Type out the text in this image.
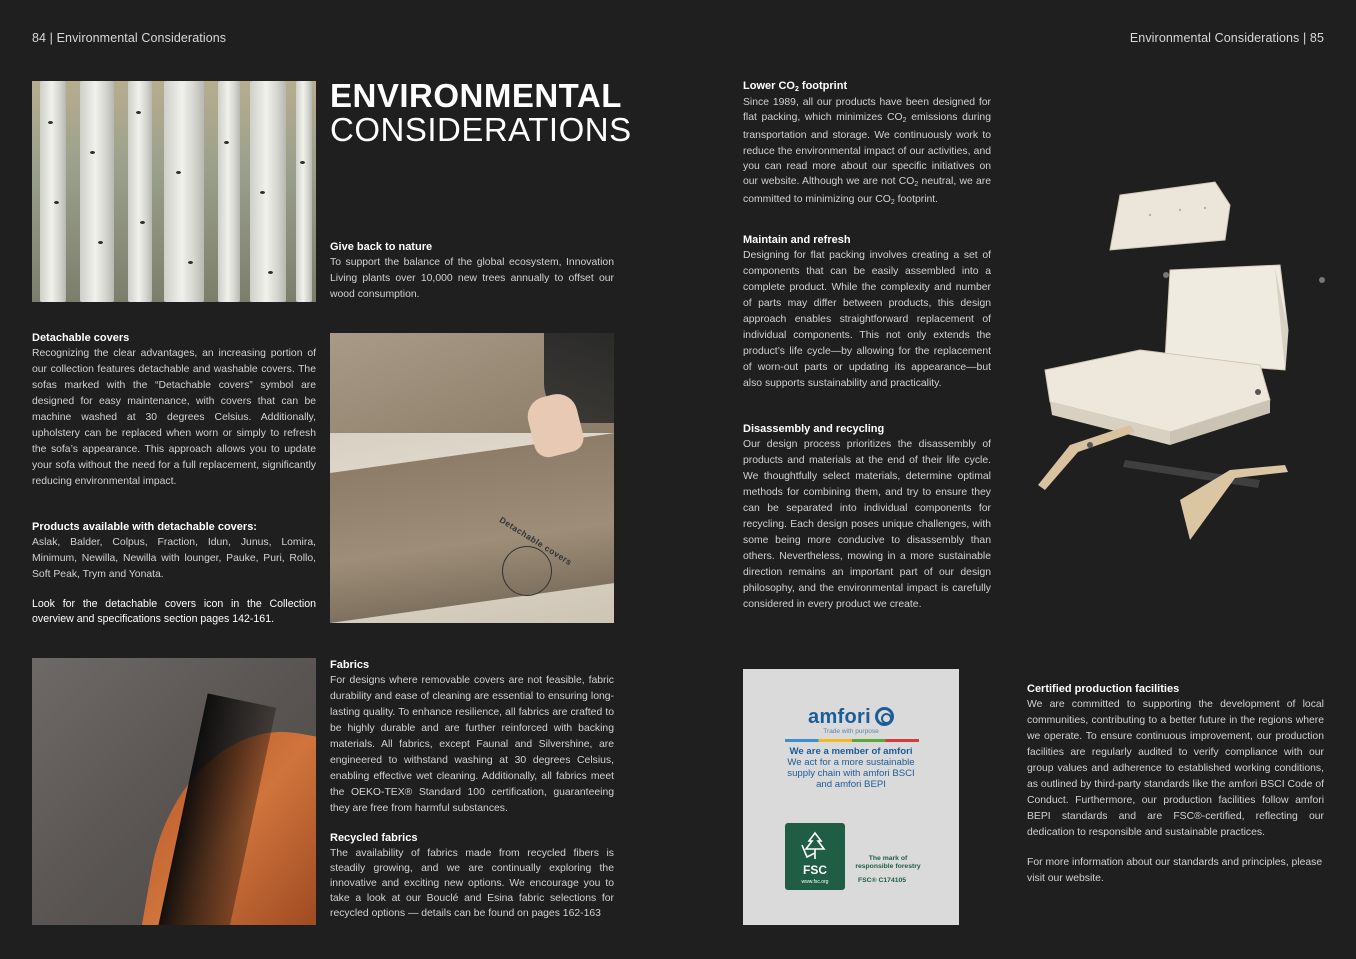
84 | Environmental Considerations	Environmental Considerations | 85
ENVIRONMENTAL
CONSIDERATIONS
Give back to nature

To support the balance of the global ecosystem, Innovation Living plants over 10,000 new trees annually to offset our wood consumption.

Detachable covers

Recognizing the clear advantages, an increasing portion of our collection features detachable and washable covers. The sofas marked with the “Detachable covers” symbol are designed for easy maintenance, with covers that can be machine washed at 30 degrees Celsius. Additionally, upholstery can be replaced when worn or simply to refresh the sofa’s appearance. This approach allows you to update your sofa without the need for a full replacement, significantly reducing environmental impact.

Products available with detachable covers:

Aslak, Balder, Colpus, Fraction, Idun, Junus, Lomira, Minimum, Newilla, Newilla with lounger, Pauke, Puri, Rollo, Soft Peak, Trym and Yonata.

Look for the detachable covers icon in the Collection overview and specifications section pages 142-161.

Detachable covers
Fabrics

For designs where removable covers are not feasible, fabric durability and ease of cleaning are essential to ensuring long-lasting quality. To enhance resilience, all fabrics are crafted to be highly durable and are further reinforced with backing materials. All fabrics, except Faunal and Silvershine, are engineered to withstand washing at 30 degrees Celsius, enabling effective wet cleaning. Additionally, all fabrics meet the OEKO-TEX® Standard 100 certification, guaranteeing they are free from harmful substances.

Recycled fabrics

The availability of fabrics made from recycled fibers is steadily growing, and we are continually exploring the innovative and exciting new options. We encourage you to take a look at our Bouclé and Esina fabric selections for recycled options — details can be found on pages 162-163

Lower $CO_2$ footprint

Since 1989, all our products have been designed for flat packing, which minimizes $CO_2$ emissions during transportation and storage. We continuously work to reduce the environmental impact of our activities, and you can read more about our specific initiatives on our website. Although we are not $CO_2$ neutral, we are committed to minimizing our $CO_2$ footprint.

Maintain and refresh

Designing for flat packing involves creating a set of components that can be easily assembled into a complete product. While the complexity and number of parts may differ between products, this design approach enables straightforward replacement of individual components. This not only extends the product’s life cycle—by allowing for the replacement of worn-out parts or updating its appearance—but also supports sustainability and practicality.

Disassembly and recycling

Our design process prioritizes the disassembly of products and materials at the end of their life cycle. We thoughtfully select materials, determine optimal methods for combining them, and try to ensure they can be separated into individual components for recycling. Each design poses unique challenges, with some being more conducive to disassembly than others. Nevertheless, mowing in a more sustainable direction remains an important part of our design philosophy, and the environmental impact is carefully considered in every product we create.

amfori
Trade with purpose
We are a member of amfori
We act for a more sustainable
supply chain with amfori BSCI
and amfori BEPI
FSC
www.fsc.org
The mark of
responsible forestry
FSC® C174105
Certified production facilities

We are committed to supporting the development of local communities, contributing to a better future in the regions where we operate. To ensure continuous improvement, our production facilities are regularly audited to verify compliance with our group values and adherence to established working conditions, as outlined by third-party standards like the amfori BSCI Code of Conduct. Furthermore, our production facilities follow amfori BEPI standards and are FSC®-certified, reflecting our dedication to responsible and sustainable practices.

For more information about our standards and principles, please visit our website.
